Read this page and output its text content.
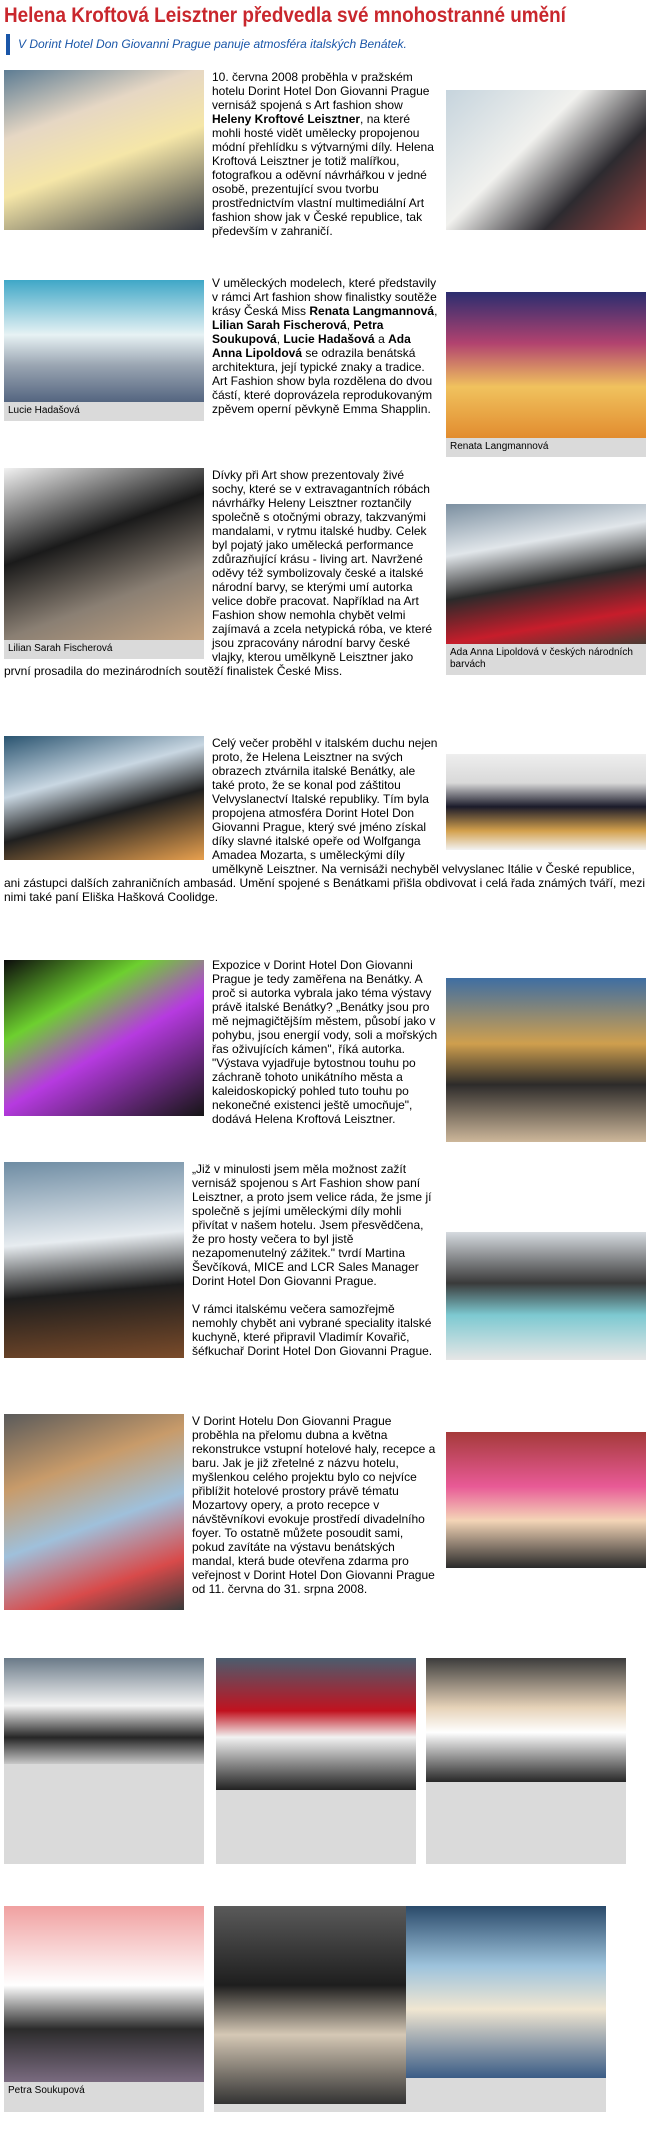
Helena Kroftová Leisztner předvedla své mnohostranné umění
V Dorint Hotel Don Giovanni Prague panuje atmosféra italských Benátek.

10. června 2008 proběhla v pražském hotelu Dorint Hotel Don Giovanni Prague vernisáž spojená s Art fashion show Heleny Kroftové Leisztner, na které mohli hosté vidět umělecky propojenou módní přehlídku s výtvarnými díly. Helena Kroftová Leisztner je totiž malířkou, fotografkou a oděvní návrhářkou v jedné osobě, prezentující svou tvorbu prostřednictvím vlastní multimediální Art fashion show jak v České republice, tak především v zahraničí.

Lucie Hadašová
Renata Langmannová

V uměleckých modelech, které představily v rámci Art fashion show finalistky soutěže krásy Česká Miss Renata Langmannová, Lilian Sarah Fischerová, Petra Soukupová, Lucie Hadašová a Ada Anna Lipoldová se odrazila benátská architektura, její typické znaky a tradice. Art Fashion show byla rozdělena do dvou částí, které doprovázela reprodukovaným zpěvem operní pěvkyně Emma Shapplin.

Lilian Sarah Fischerová	Ada Anna Lipoldová v českých národních barvách

Dívky při Art show prezentovaly živé sochy, které se v extravagantních róbách návrhářky Heleny Leisztner roztančily společně s otočnými obrazy, takzvanými mandalami, v rytmu italské hudby. Celek byl pojatý jako umělecká performance zdůrazňující krásu - living art. Navržené oděvy též symbolizovaly české a italské národní barvy, se kterými umí autorka velice dobře pracovat. Například na Art Fashion show nemohla chybět velmi zajímavá a zcela netypická róba, ve které jsou zpracovány národní barvy české vlajky, kterou umělkyně Leisztner jako první prosadila do mezinárodních soutěží finalistek České Miss.

Celý večer proběhl v italském duchu nejen proto, že Helena Leisztner na svých obrazech ztvárnila italské Benátky, ale také proto, že se konal pod záštitou Velvyslanectví Italské republiky. Tím byla propojena atmosféra Dorint Hotel Don Giovanni Prague, který své jméno získal díky slavné italské opeře od Wolfganga Amadea Mozarta, s uměleckými díly umělkyně Leisztner. Na vernisáži nechyběl velvyslanec Itálie v České republice, ani zástupci dalších zahraničních ambasád. Umění spojené s Benátkami přišla obdivovat i celá řada známých tváří, mezi nimi také paní Eliška Hašková Coolidge.

Expozice v Dorint Hotel Don Giovanni Prague je tedy zaměřena na Benátky. A proč si autorka vybrala jako téma výstavy právě italské Benátky? „Benátky jsou pro mě nejmagičtějším městem, působí jako v pohybu, jsou energií vody, soli a mořských řas oživujících kámen", říká autorka. "Výstava vyjadřuje bytostnou touhu po záchraně tohoto unikátního města a kaleidoskopický pohled tuto touhu po nekonečné existenci ještě umocňuje", dodává Helena Kroftová Leisztner.

„Již v minulosti jsem měla možnost zažít vernisáž spojenou s Art Fashion show paní Leisztner, a proto jsem velice ráda, že jsme jí společně s jejími uměleckými díly mohli přivítat v našem hotelu. Jsem přesvědčena, že pro hosty večera to byl jistě nezapomenutelný zážitek." tvrdí Martina Ševčíková, MICE and LCR Sales Manager Dorint Hotel Don Giovanni Prague.

V rámci italskému večera samozřejmě nemohly chybět ani vybrané speciality italské kuchyně, které připravil Vladimír Kovařič, šéfkuchař Dorint Hotel Don Giovanni Prague.

V Dorint Hotelu Don Giovanni Prague proběhla na přelomu dubna a května rekonstrukce vstupní hotelové haly, recepce a baru. Jak je již zřetelné z názvu hotelu, myšlenkou celého projektu bylo co nejvíce přiblížit hotelové prostory právě tématu Mozartovy opery, a proto recepce v návštěvníkovi evokuje prostředí divadelního foyer. To ostatně můžete posoudit sami, pokud zavítáte na výstavu benátských mandal, která bude otevřena zdarma pro veřejnost v Dorint Hotel Don Giovanni Prague od 11. června do 31. srpna 2008.

Petra Soukupová
